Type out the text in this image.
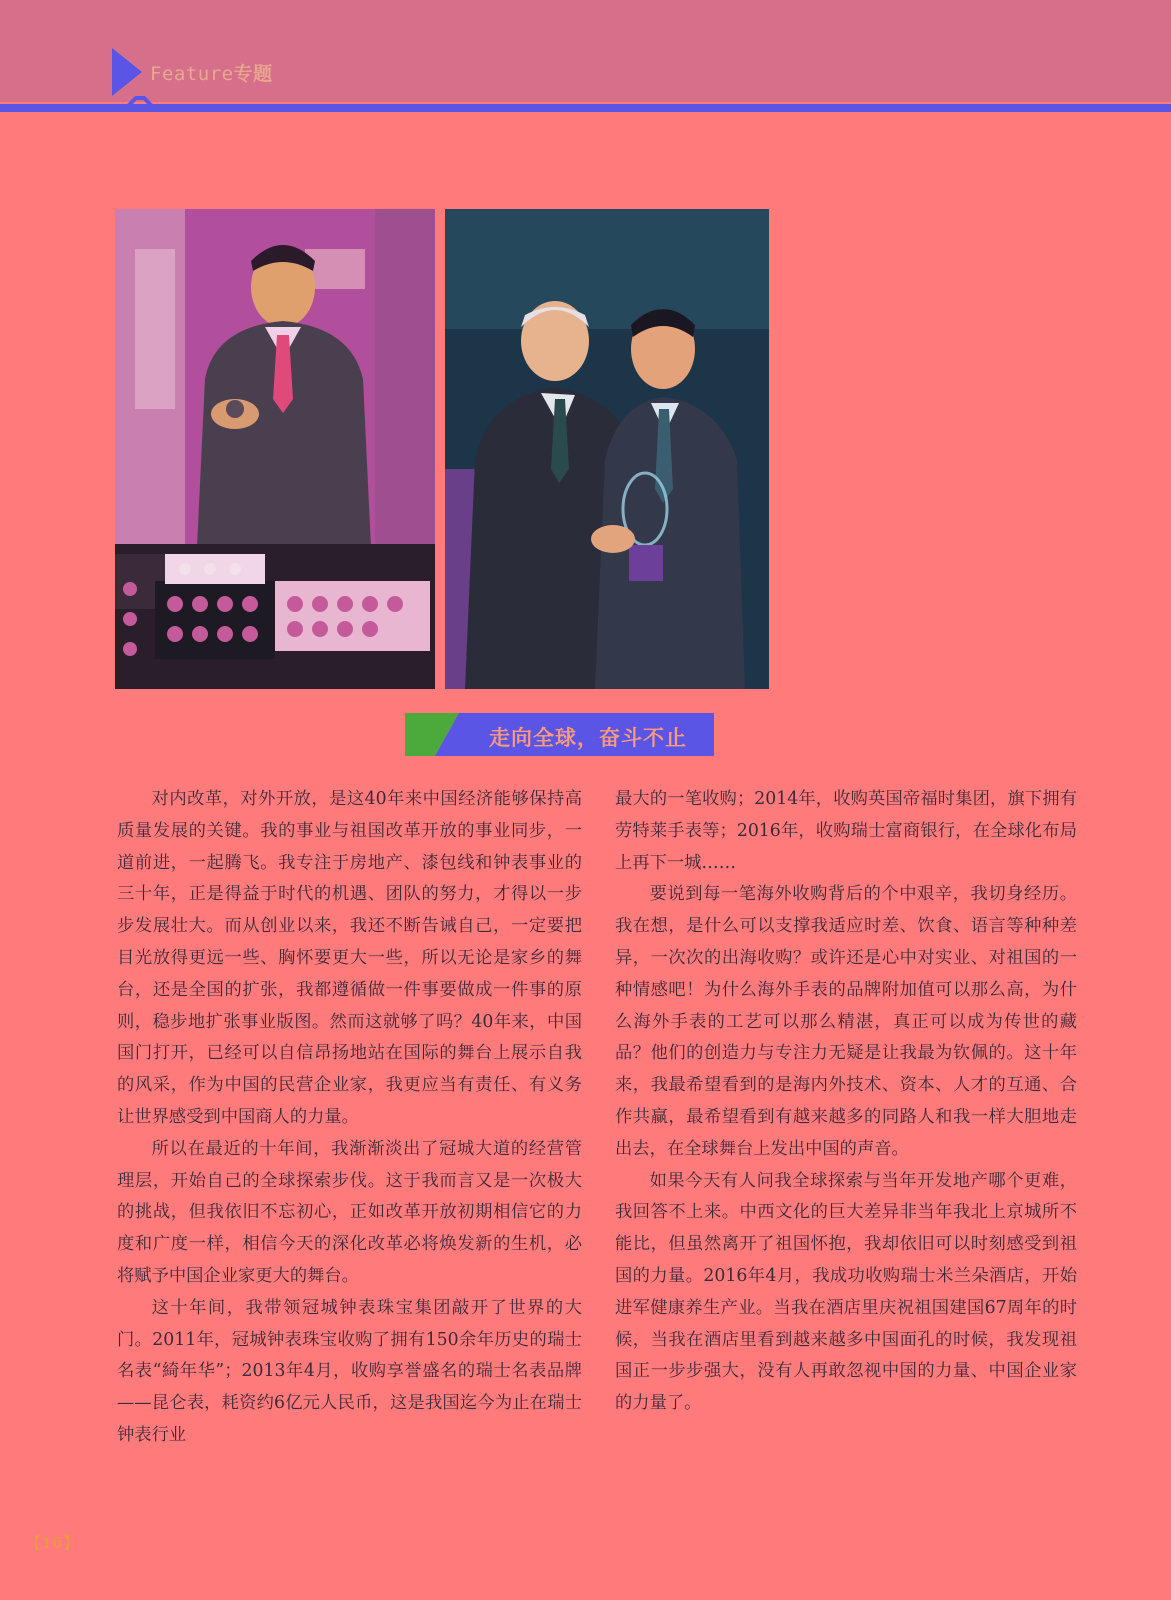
Feature专题
走向全球，奋斗不止

对内改革，对外开放，是这40年来中国经济能够保持高质量发展的关键。我的事业与祖国改革开放的事业同步，一道前进，一起腾飞。我专注于房地产、漆包线和钟表事业的三十年，正是得益于时代的机遇、团队的努力，才得以一步步发展壮大。而从创业以来，我还不断告诫自己，一定要把目光放得更远一些、胸怀要更大一些，所以无论是家乡的舞台，还是全国的扩张，我都遵循做一件事要做成一件事的原则，稳步地扩张事业版图。然而这就够了吗？40年来，中国国门打开，已经可以自信昂扬地站在国际的舞台上展示自我的风采，作为中国的民营企业家，我更应当有责任、有义务让世界感受到中国商人的力量。

所以在最近的十年间，我渐渐淡出了冠城大道的经营管理层，开始自己的全球探索步伐。这于我而言又是一次极大的挑战，但我依旧不忘初心，正如改革开放初期相信它的力度和广度一样，相信今天的深化改革必将焕发新的生机，必将赋予中国企业家更大的舞台。

这十年间，我带领冠城钟表珠宝集团敲开了世界的大门。2011年，冠城钟表珠宝收购了拥有150余年历史的瑞士名表“綺年华”；2013年4月，收购享誉盛名的瑞士名表品牌——昆仑表，耗资约6亿元人民币，这是我国迄今为止在瑞士钟表行业

最大的一笔收购；2014年，收购英国帝福时集团，旗下拥有劳特莱手表等；2016年，收购瑞士富商银行，在全球化布局上再下一城……

要说到每一笔海外收购背后的个中艰辛，我切身经历。我在想，是什么可以支撑我适应时差、饮食、语言等种种差异，一次次的出海收购？或许还是心中对实业、对祖国的一种情感吧！为什么海外手表的品牌附加值可以那么高，为什么海外手表的工艺可以那么精湛，真正可以成为传世的藏品？他们的创造力与专注力无疑是让我最为钦佩的。这十年来，我最希望看到的是海内外技术、资本、人才的互通、合作共赢，最希望看到有越来越多的同路人和我一样大胆地走出去，在全球舞台上发出中国的声音。

如果今天有人问我全球探索与当年开发地产哪个更难，我回答不上来。中西文化的巨大差异非当年我北上京城所不能比，但虽然离开了祖国怀抱，我却依旧可以时刻感受到祖国的力量。2016年4月，我成功收购瑞士米兰朵酒店，开始进军健康养生产业。当我在酒店里庆祝祖国建国67周年的时候，当我在酒店里看到越来越多中国面孔的时候，我发现祖国正一步步强大，没有人再敢忽视中国的力量、中国企业家的力量了。

【16】
